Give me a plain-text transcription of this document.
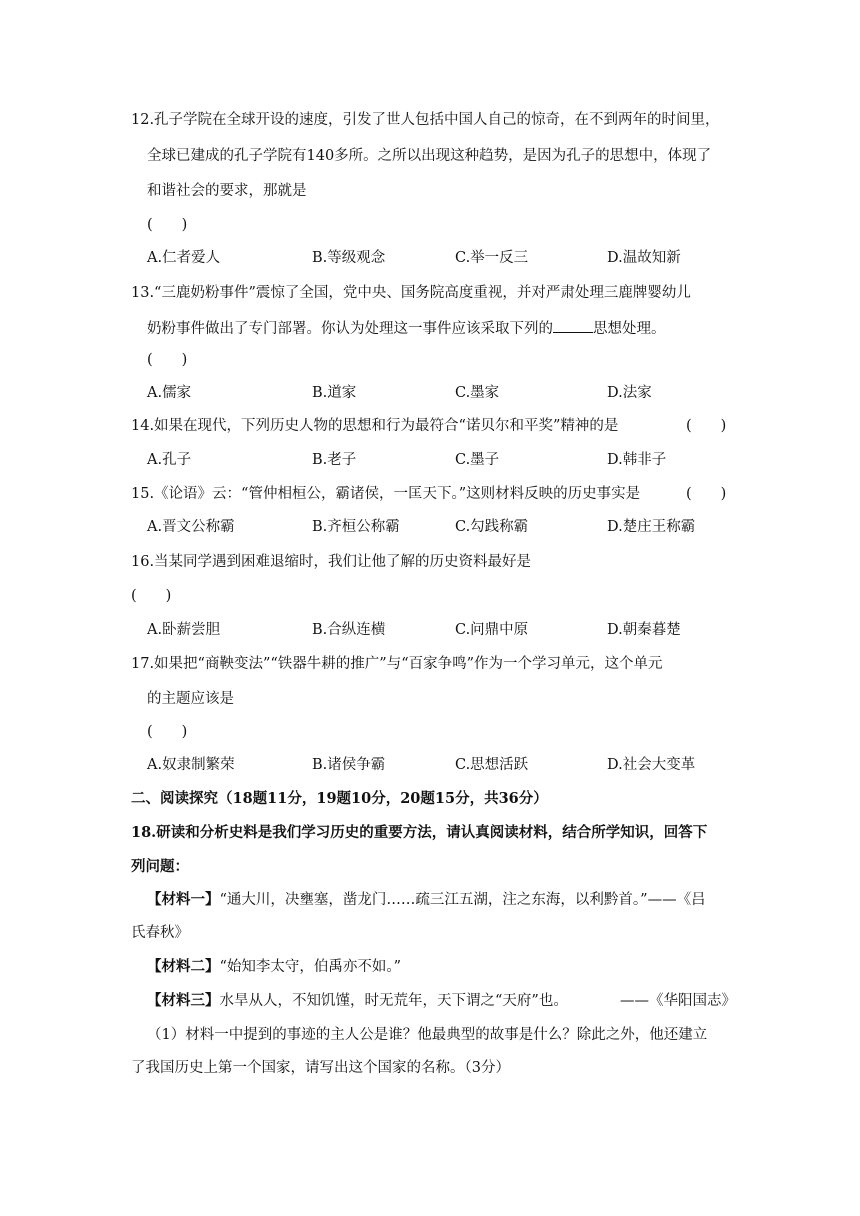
12.孔子学院在全球开设的速度，引发了世人包括中国人自己的惊奇，在不到两年的时间里，
全球已建成的孔子学院有140多所。之所以出现这种趋势，是因为孔子的思想中，体现了
和谐社会的要求，那就是
(　　)
A.仁者爱人	B.等级观念	C.举一反三	D.温故知新
13.“三鹿奶粉事件”震惊了全国，党中央、国务院高度重视，并对严肃处理三鹿牌婴幼儿
奶粉事件做出了专门部署。你认为处理这一事件应该采取下列的	思想处理。
(　　)
A.儒家	B.道家	C.墨家	D.法家
14.如果在现代，下列历史人物的思想和行为最符合“诺贝尔和平奖”精神的是	(　　)
A.孔子	B.老子	C.墨子	D.韩非子
15.《论语》云：“管仲相桓公，霸诸侯，一匡天下。”这则材料反映的历史事实是	(　　)
A.晋文公称霸	B.齐桓公称霸	C.勾践称霸	D.楚庄王称霸
16.当某同学遇到困难退缩时，我们让他了解的历史资料最好是
(　　)
A.卧薪尝胆	B.合纵连横	C.问鼎中原	D.朝秦暮楚
17.如果把“商鞅变法”“铁器牛耕的推广”与“百家争鸣”作为一个学习单元，这个单元
的主题应该是
(　　)
A.奴隶制繁荣	B.诸侯争霸	C.思想活跃	D.社会大变革
二、阅读探究（18题11分，19题10分，20题15分，共36分）
18.研读和分析史料是我们学习历史的重要方法，请认真阅读材料，结合所学知识，回答下
列问题：
【材料一】“通大川，决壅塞，凿龙门……疏三江五湖，注之东海，以利黔首。”——《吕
氏春秋》
【材料二】“始知李太守，伯禹亦不如。”
【材料三】水旱从人，不知饥馑，时无荒年，天下谓之“天府”也。	——《华阳国志》
（1）材料一中提到的事迹的主人公是谁？他最典型的故事是什么？除此之外，他还建立
了我国历史上第一个国家，请写出这个国家的名称。（3分）
